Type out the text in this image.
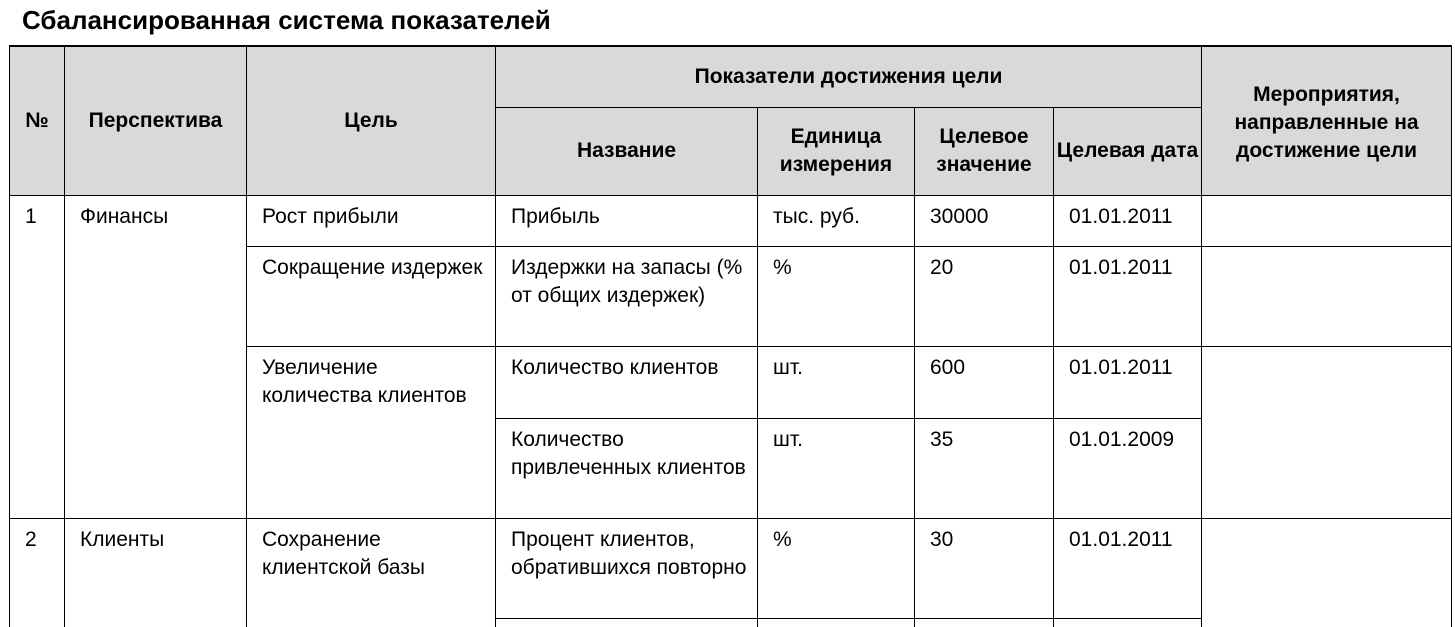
Сбалансированная система показателей
№	Перспектива	Цель	Показатели достижения цели				Мероприятия, направленные на достижение цели
			Название	Единица измерения	Целевое значение	Целевая дата	
1	Финансы	Рост прибыли	Прибыль	тыс. руб.	30000	01.01.2011	
		Сокращение издержек	Издержки на запасы (% от общих издержек)	%	20	01.01.2011	
		Увеличение количества клиентов	Количество клиентов	шт.	600	01.01.2011	
			Количество привлеченных клиентов	шт.	35	01.01.2009	
2	Клиенты	Сохранение клиентской базы	Процент клиентов, обратившихся повторно	%	30	01.01.2011	
